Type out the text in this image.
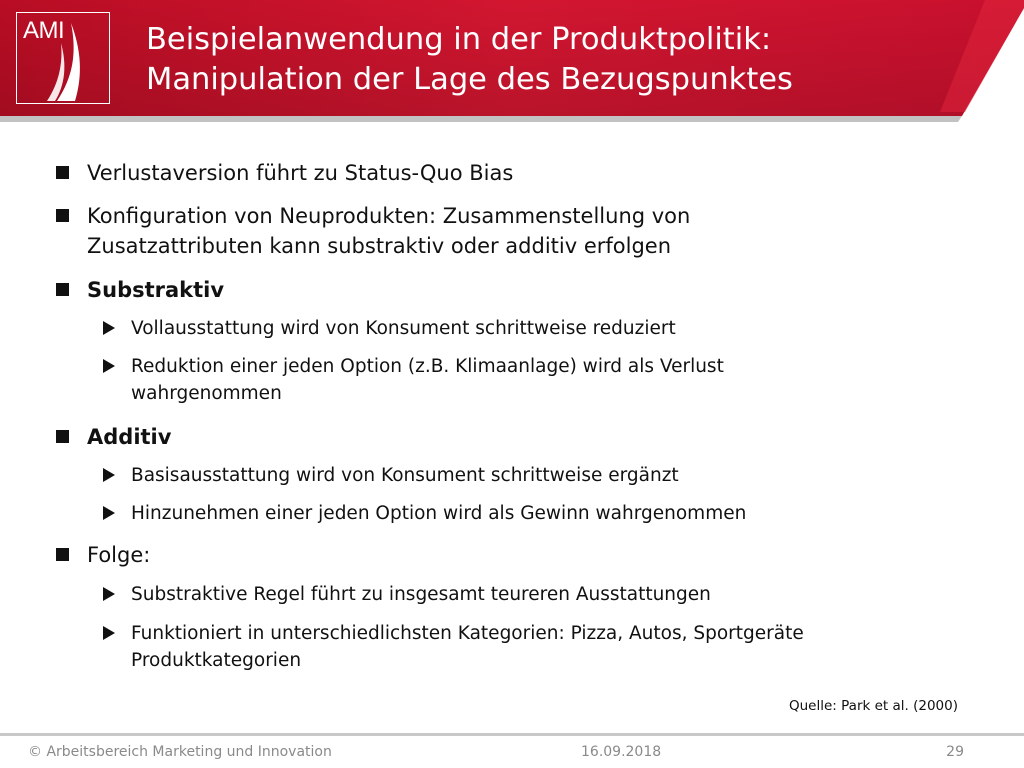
AMI	Beispielanwendung in der Produktpolitik:
Manipulation der Lage des Bezugspunktes
Verlustaversion führt zu Status-Quo Bias
Konfiguration von Neuprodukten: Zusammenstellung von
Zusatzattributen kann substraktiv oder additiv erfolgen
Substraktiv
Vollausstattung wird von Konsument schrittweise reduziert
Reduktion einer jeden Option (z.B. Klimaanlage) wird als Verlust
wahrgenommen
Additiv
Basisausstattung wird von Konsument schrittweise ergänzt
Hinzunehmen einer jeden Option wird als Gewinn wahrgenommen
Folge:
Substraktive Regel führt zu insgesamt teureren Ausstattungen
Funktioniert in unterschiedlichsten Kategorien: Pizza, Autos, Sportgeräte
Produktkategorien
Quelle: Park et al. (2000)
© Arbeitsbereich Marketing und Innovation	16.09.2018	29
